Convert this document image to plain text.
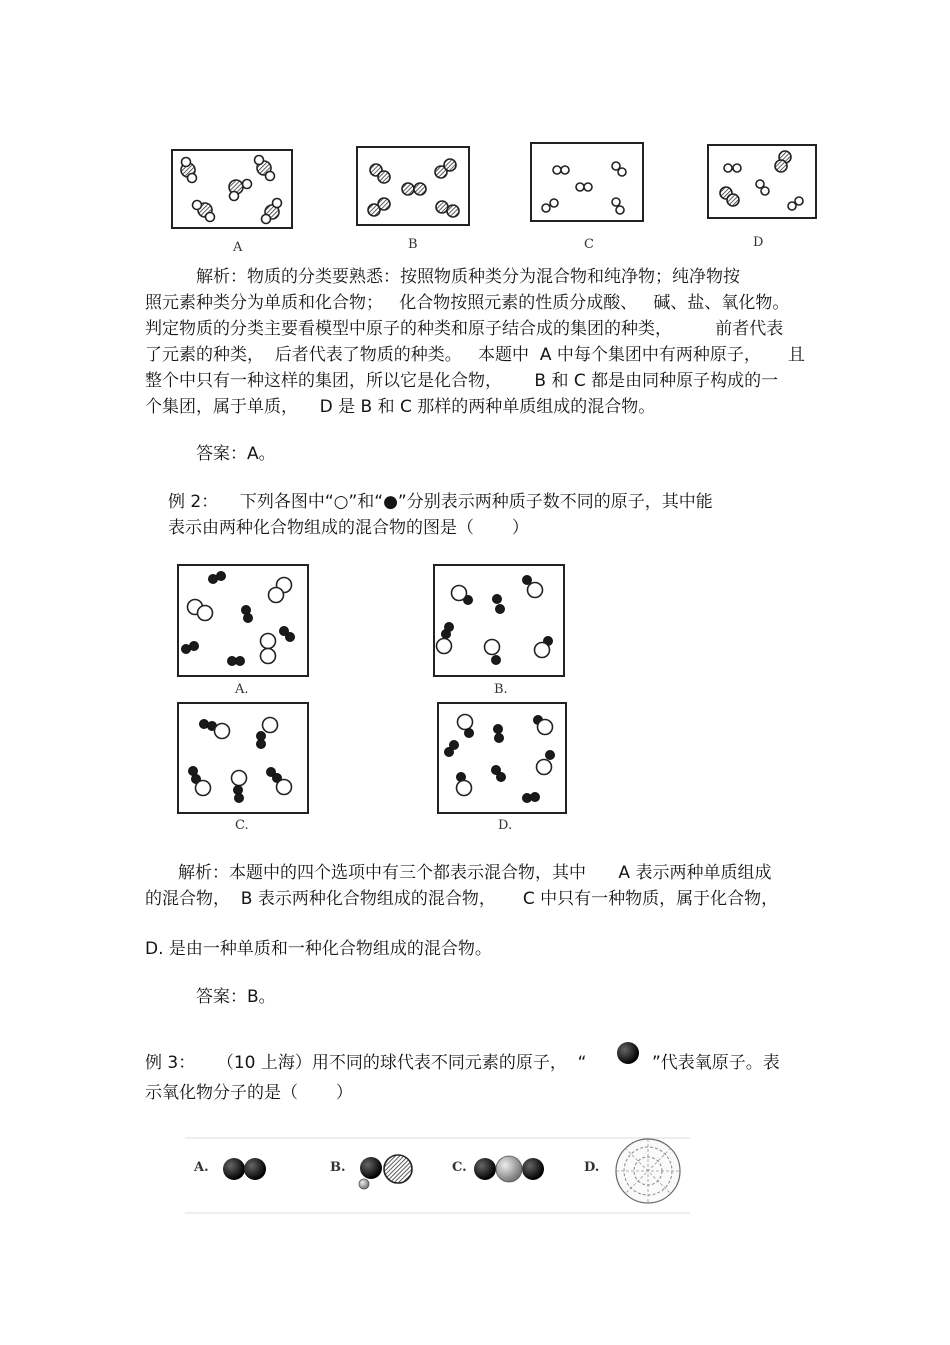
A	B	C	D
解析：物质的分类要熟悉：按照物质种类分为混合物和纯净物；纯净物按
照元素种类分为单质和化合物；   化合物按照元素的性质分成酸、   碱、盐、氧化物。
判定物质的分类主要看模型中原子的种类和原子结合成的集团的种类，        前者代表
了元素的种类，  后者代表了物质的种类。   本题中  A 中每个集团中有两种原子，     且
整个中只有一种这样的集团，所以它是化合物，      B 和 C 都是由同种原子构成的一
个集团，属于单质，    D 是 B 和 C 那样的两种单质组成的混合物。
答案：A。
例 2：    下列各图中“○”和“●”分别表示两种质子数不同的原子，其中能
表示由两种化合物组成的混合物的图是（       ）
A.	B.
C.	D.
解析：本题中的四个选项中有三个都表示混合物，其中      A 表示两种单质组成
的混合物，  B 表示两种化合物组成的混合物，     C 中只有一种物质，属于化合物，
D. 是由一种单质和一种化合物组成的混合物。
答案：B。
例 3：    （10 上海）用不同的球代表不同元素的原子，  “	”代表氧原子。表
示氧化物分子的是（       ）
A.	B.	C.	D.
